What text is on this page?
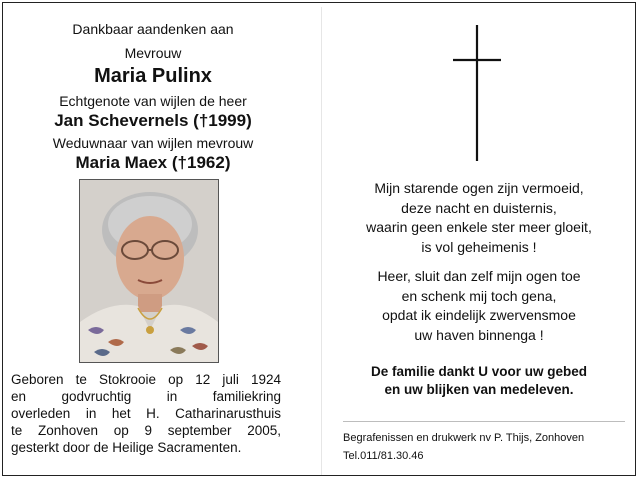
Dankbaar aandenken aan
Mevrouw
Maria Pulinx
Echtgenote van wijlen de heer
Jan Schevernels (†1999)
Weduwnaar van wijlen mevrouw
Maria Maex (†1962)
Geboren te Stokrooie op 12 juli 1924
en godvruchtig in familiekring
overleden in het H. Catharinarusthuis
te Zonhoven op 9 september 2005,
gesterkt door de Heilige Sacramenten.
Mijn starende ogen zijn vermoeid,
deze nacht en duisternis,
waarin geen enkele ster meer gloeit,
is vol geheimenis !
Heer, sluit dan zelf mijn ogen toe
en schenk mij toch gena,
opdat ik eindelijk zwervensmoe
uw haven binnenga !
De familie dankt U voor uw gebed
en uw blijken van medeleven.
Begrafenissen en drukwerk nv P. Thijs, Zonhoven
Tel.011/81.30.46
